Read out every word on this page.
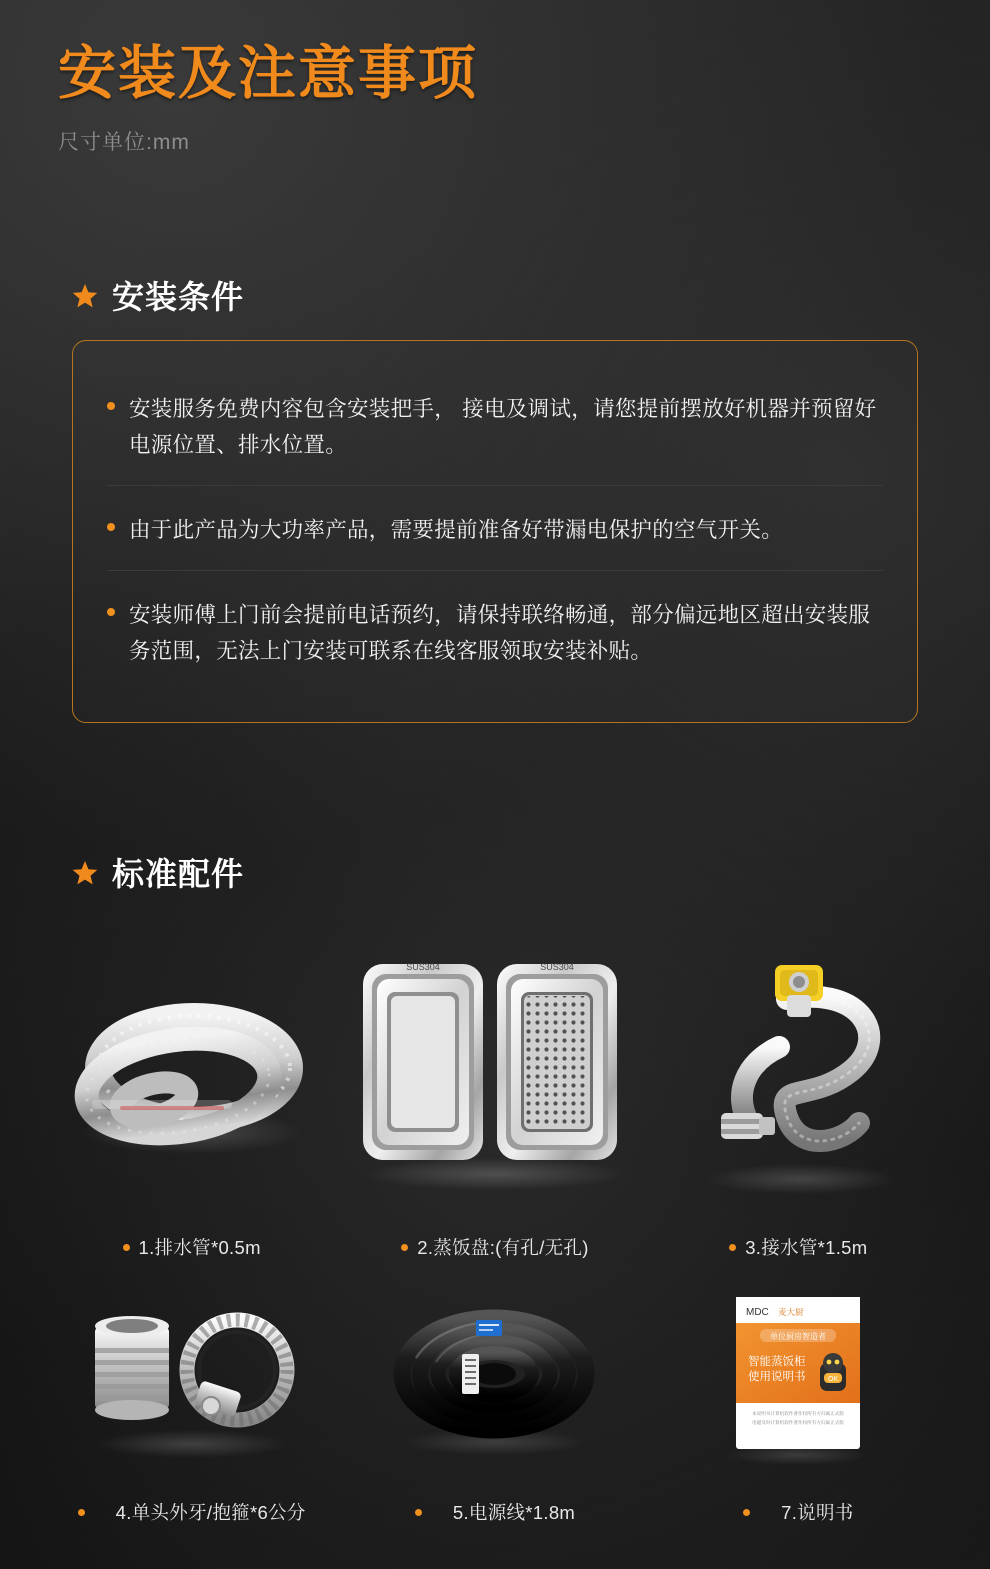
安装及注意事项
尺寸单位:mm
安装条件
安装服务免费内容包含安装把手， 接电及调试，请您提前摆放好机器并预留好电源位置、排水位置。
由于此产品为大功率产品，需要提前准备好带漏电保护的空气开关。
安装师傅上门前会提前电话预约，请保持联络畅通，部分偏远地区超出安装服务范围，无法上门安装可联系在线客服领取安装补贴。
标准配件
1.排水管*0.5m
SUS304	SUS304
2.蒸饭盘:(有孔/无孔)	3.接水管*1.5m
4.单头外牙/抱箍*6公分	5.电源线*1.8m
MDC 麦大厨
单位厨房智造者
智能蒸饭柜
使用说明书	OK
本说明书计算机软件著作权所有方归属正式版
电磁及时计算机软件著作权所有方归属正式版
7.说明书
